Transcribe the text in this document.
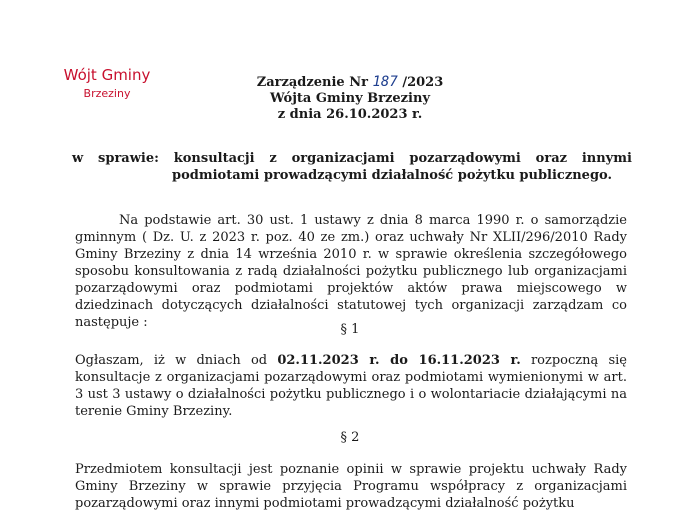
Wójt Gminy
Brzeziny
Zarządzenie Nr 187 /2023
Wójta Gminy Brzeziny
z dnia 26.10.2023 r.
w sprawie: konsultacji z organizacjami pozarządowymi oraz innymi
podmiotami prowadzącymi działalność pożytku publicznego.
Na podstawie art. 30 ust. 1 ustawy z dnia 8 marca 1990 r. o samorządzie gminnym ( Dz. U. z 2023 r. poz. 40 ze zm.) oraz uchwały Nr XLII/296/2010 Rady Gminy Brzeziny z dnia 14 września 2010 r. w sprawie określenia szczegółowego sposobu konsultowania z radą działalności pożytku publicznego lub organizacjami pozarządowymi oraz podmiotami projektów aktów prawa miejscowego w dziedzinach dotyczących działalności statutowej tych organizacji zarządzam co następuje :	§ 1
Ogłaszam, iż w dniach od 02.11.2023 r. do 16.11.2023 r. rozpoczną się konsultacje z organizacjami pozarządowymi oraz podmiotami wymienionymi w art. 3 ust 3 ustawy o działalności pożytku publicznego i o wolontariacie działającymi na terenie Gminy Brzeziny.
§ 2
Przedmiotem konsultacji jest poznanie opinii w sprawie projektu uchwały Rady Gminy Brzeziny w sprawie przyjęcia Programu współpracy z organizacjami pozarządowymi oraz innymi podmiotami prowadzącymi działalność pożytku
